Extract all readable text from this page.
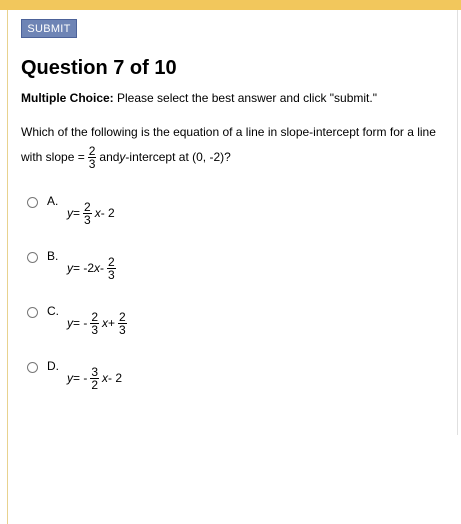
SUBMIT
Question 7 of 10
Multiple Choice: Please select the best answer and click "submit."
Which of the following is the equation of a line in slope-intercept form for a line
with slope = $\frac{2}{3}$ and y -intercept at (0, -2)?
A.
$y = \frac{2}{3}$ x - 2
B.
y = -2 x - $\frac{2}{3}$
C.
y = - $\frac{2}{3}$ $x + \frac{2}{3}$
D.
y = - $\frac{3}{2}$ x - 2
